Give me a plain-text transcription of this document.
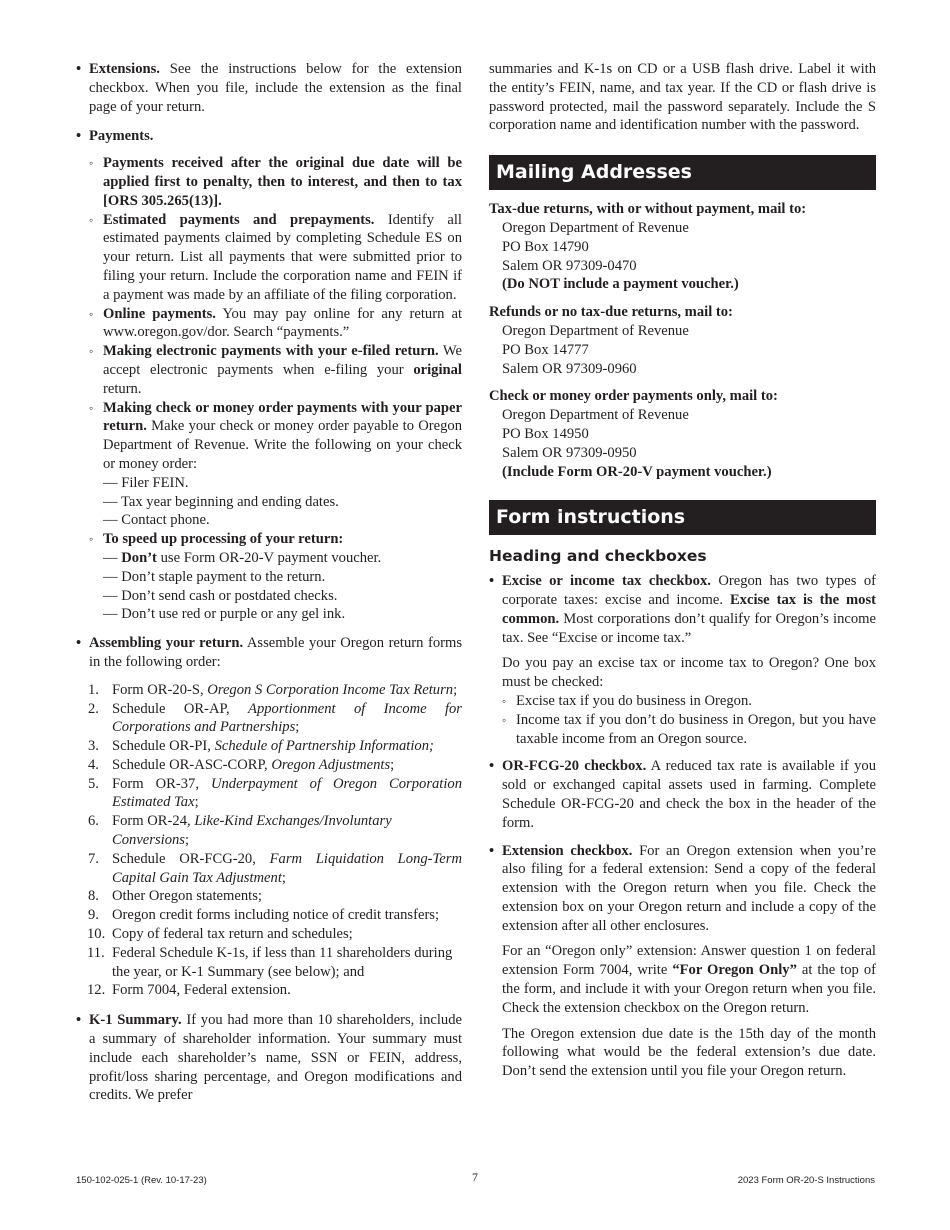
• Extensions. See the instructions below for the extension checkbox. When you file, include the extension as the final page of your return.
• Payments.
◦ Payments received after the original due date will be applied first to penalty, then to interest, and then to tax [ORS 305.265(13)].
◦ Estimated payments and prepayments. Identify all estimated payments claimed by completing Schedule ES on your return. List all payments that were submitted prior to filing your return. Include the corporation name and FEIN if a payment was made by an affiliate of the filing corporation.
◦ Online payments. You may pay online for any return at www.oregon.gov/dor. Search “payments.”
◦ Making electronic payments with your e-filed return. We accept electronic payments when e-filing your original return.
◦ Making check or money order payments with your paper return. Make your check or money order payable to Oregon Department of Revenue. Write the following on your check or money order:
— Filer FEIN.
— Tax year beginning and ending dates.
— Contact phone.
◦ To speed up processing of your return:
— Don’t use Form OR-20-V payment voucher.
— Don’t staple payment to the return.
— Don’t send cash or postdated checks.
— Don’t use red or purple or any gel ink.
• Assembling your return. Assemble your Oregon return forms in the following order:
1. Form OR-20-S, Oregon S Corporation Income Tax Return;
2. Schedule OR-AP, Apportionment of Income for Corporations and Partnerships;
3. Schedule OR-PI, Schedule of Partnership Information;
4. Schedule OR-ASC-CORP, Oregon Adjustments;
5. Form OR-37, Underpayment of Oregon Corporation Estimated Tax;
6. Form OR-24, Like-Kind Exchanges/Involuntary Conversions;
7. Schedule OR-FCG-20, Farm Liquidation Long-Term Capital Gain Tax Adjustment;
8. Other Oregon statements;
9. Oregon credit forms including notice of credit transfers;
10. Copy of federal tax return and schedules;
11. Federal Schedule K-1s, if less than 11 shareholders during the year, or K-1 Summary (see below); and
12. Form 7004, Federal extension.
• K-1 Summary. If you had more than 10 shareholders, include a summary of shareholder information. Your summary must include each shareholder’s name, SSN or FEIN, address, profit/loss sharing percentage, and Oregon modifications and credits. We prefer
summaries and K-1s on CD or a USB flash drive. Label it with the entity’s FEIN, name, and tax year. If the CD or flash drive is password protected, mail the password separately. Include the S corporation name and identification number with the password.
Mailing Addresses
Tax-due returns, with or without payment, mail to:
Oregon Department of Revenue
PO Box 14790
Salem OR 97309-0470
(Do NOT include a payment voucher.)
Refunds or no tax-due returns, mail to:
Oregon Department of Revenue
PO Box 14777
Salem OR 97309-0960
Check or money order payments only, mail to:
Oregon Department of Revenue
PO Box 14950
Salem OR 97309-0950
(Include Form OR-20-V payment voucher.)
Form instructions
Heading and checkboxes
• Excise or income tax checkbox. Oregon has two types of corporate taxes: excise and income. Excise tax is the most common. Most corporations don’t qualify for Oregon’s income tax. See “Excise or income tax.”
Do you pay an excise tax or income tax to Oregon? One box must be checked:
◦ Excise tax if you do business in Oregon.
◦ Income tax if you don’t do business in Oregon, but you have taxable income from an Oregon source.
• OR-FCG-20 checkbox. A reduced tax rate is available if you sold or exchanged capital assets used in farming. Complete Schedule OR-FCG-20 and check the box in the header of the form.
• Extension checkbox. For an Oregon extension when you’re also filing for a federal extension: Send a copy of the federal extension with the Oregon return when you file. Check the extension box on your Oregon return and include a copy of the extension after all other enclosures.
For an “Oregon only” extension: Answer question 1 on federal extension Form 7004, write “For Oregon Only” at the top of the form, and include it with your Oregon return when you file. Check the extension checkbox on the Oregon return.
The Oregon extension due date is the 15th day of the month following what would be the federal extension’s due date. Don’t send the extension until you file your Oregon return.
150-102-025-1 (Rev. 10-17-23)	7	2023 Form OR-20-S Instructions
